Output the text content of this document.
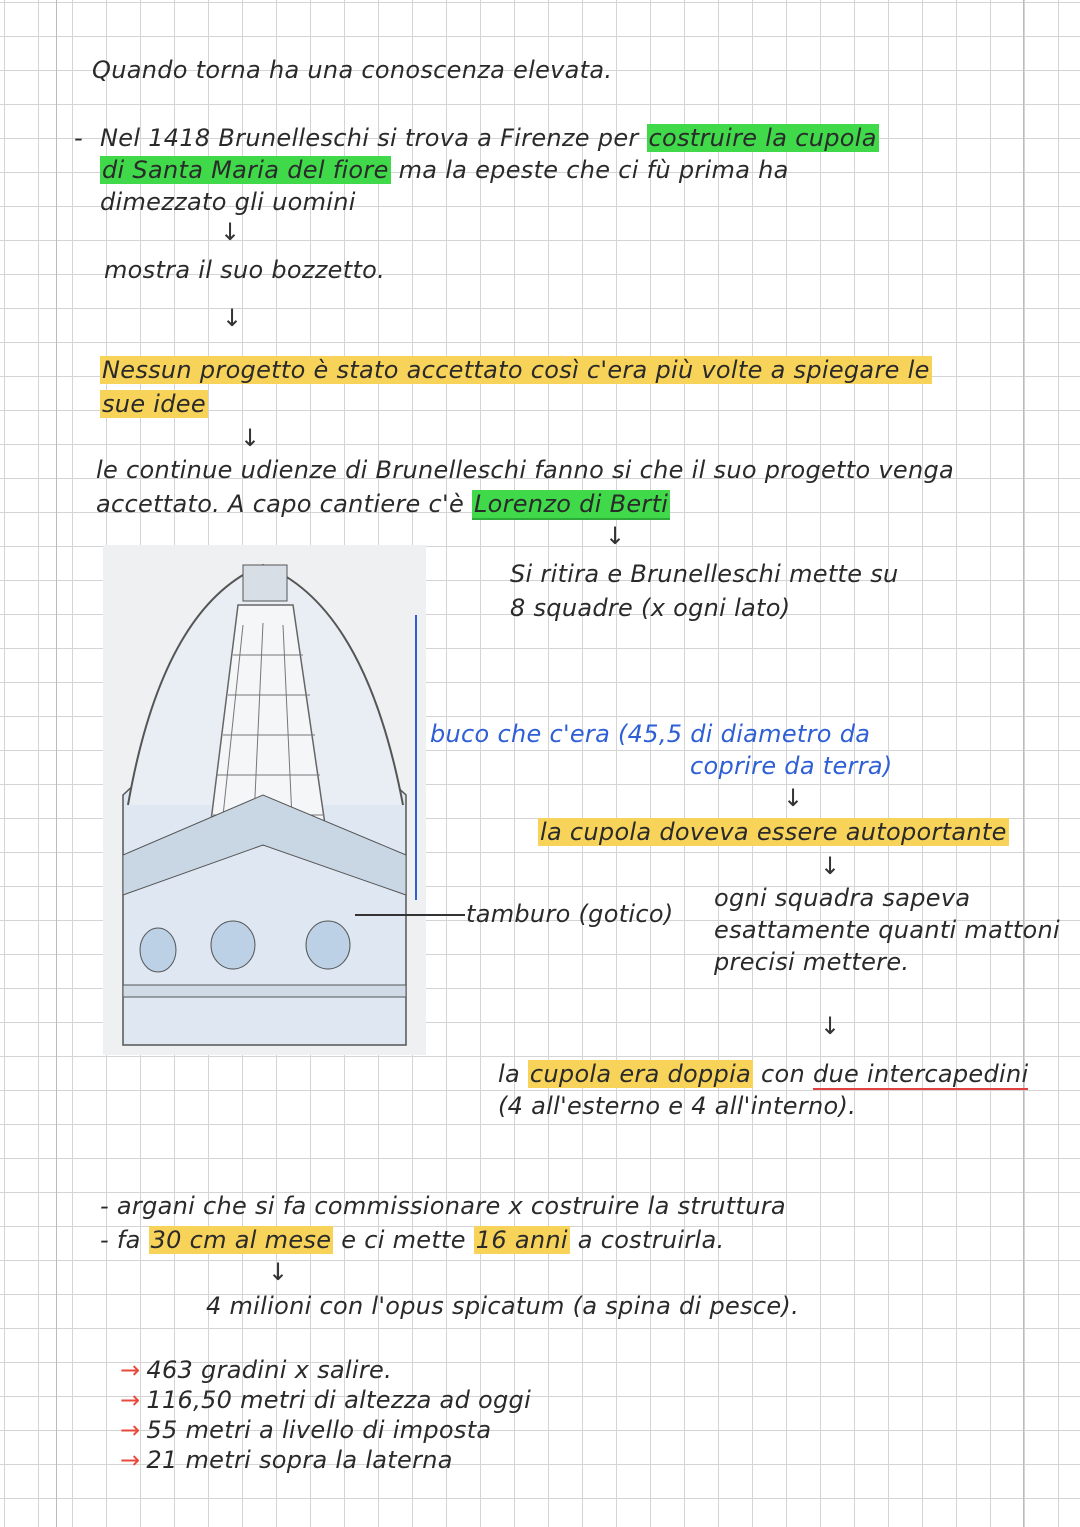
Quando torna ha una conoscenza elevata.
- Nel 1418 Brunelleschi si trova a Firenze per costruire la cupola
di Santa Maria del fiore ma la epeste che ci fù prima ha
dimezzato gli uomini
↓
mostra il suo bozzetto.
↓
Nessun progetto è stato accettato così c'era più volte a spiegare le
sue idee
↓
le continue udienze di Brunelleschi fanno si che il suo progetto venga
accettato. A capo cantiere c'è Lorenzo di Berti
↓
Si ritira e Brunelleschi mette su
8 squadre (x ogni lato)
buco che c'era (45,5 di diametro da
coprire da terra)
↓
la cupola doveva essere autoportante
↓
tamburo (gotico)
ogni squadra sapeva
esattamente quanti mattoni
precisi mettere.
↓
la cupola era doppia con due intercapedini
(4 all'esterno e 4 all'interno).
- argani che si fa commissionare x costruire la struttura
- fa 30 cm al mese e ci mette 16 anni a costruirla.
↓
4 milioni con l'opus spicatum (a spina di pesce).
→ 463 gradini x salire.
→ 116,50 metri di altezza ad oggi
→ 55 metri a livello di imposta
→ 21 metri sopra la laterna
